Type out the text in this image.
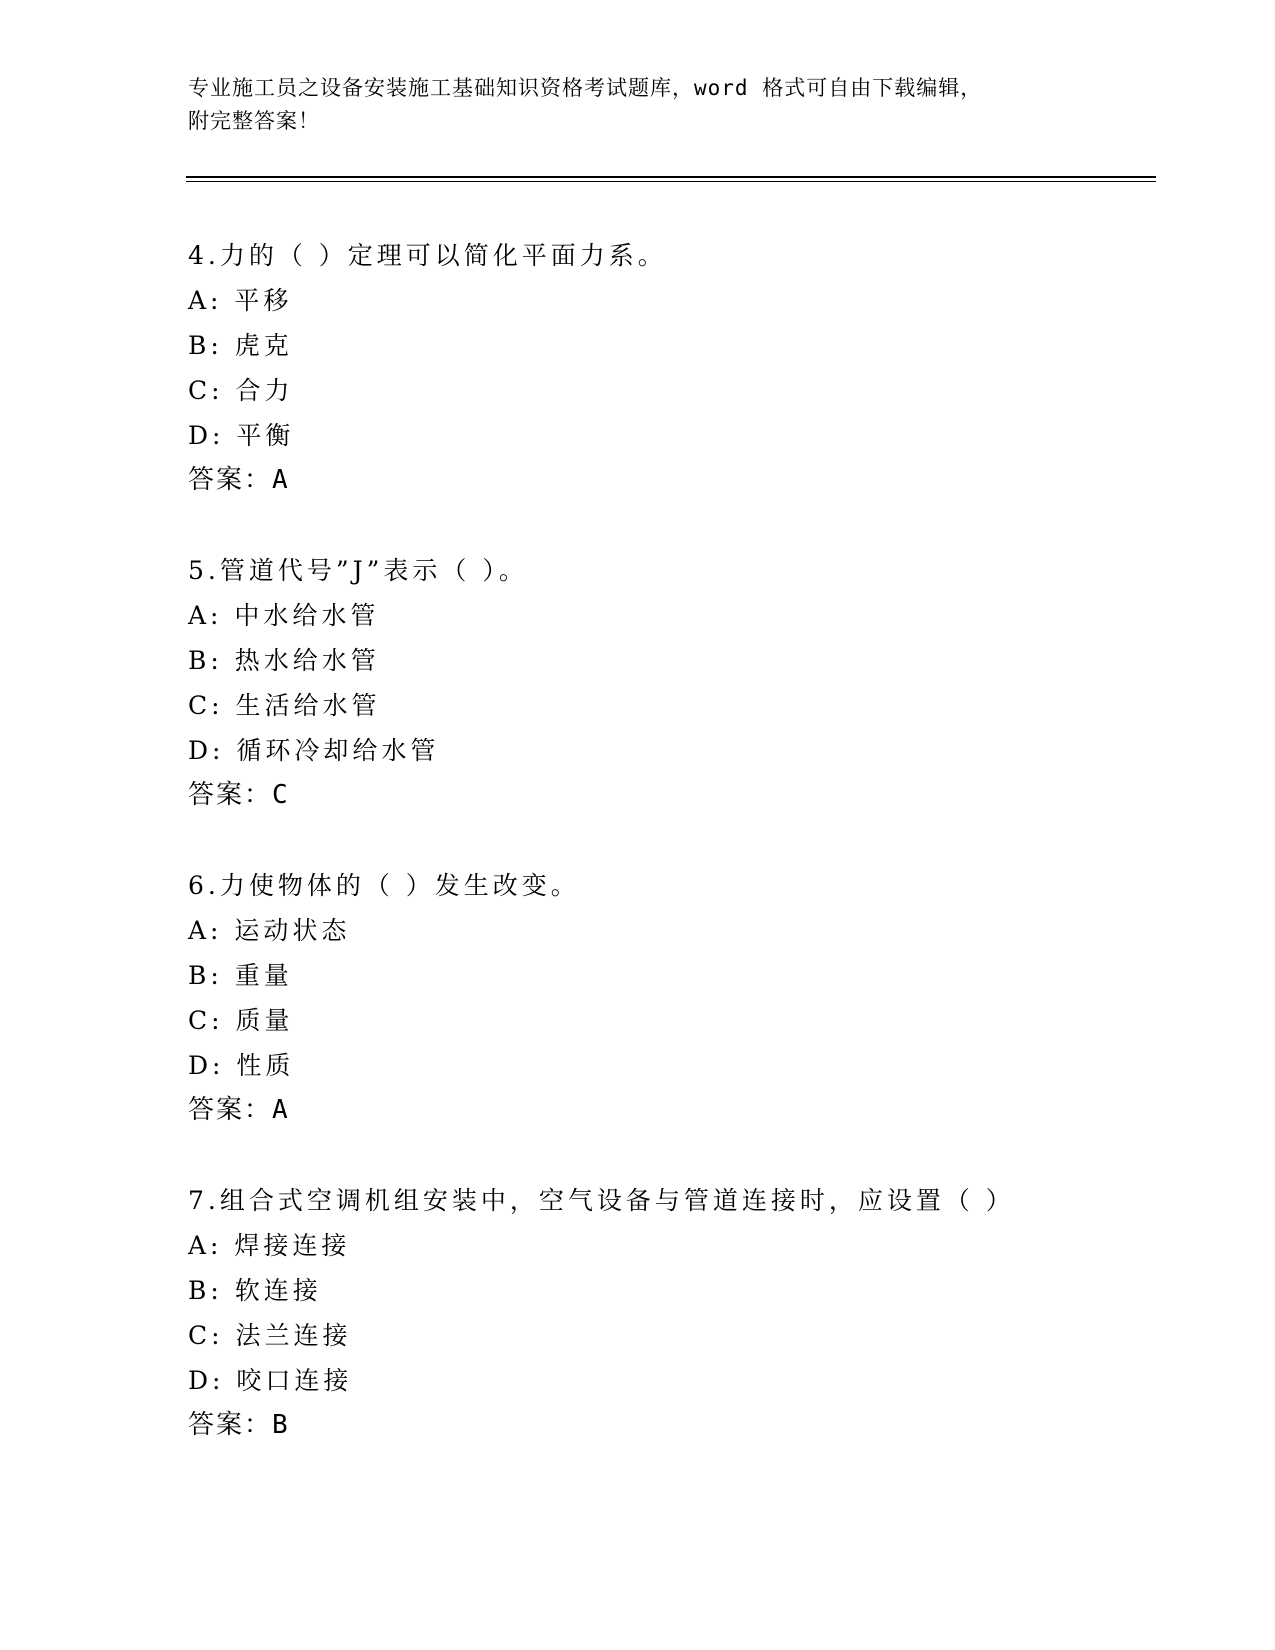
专业施工员之设备安装施工基础知识资格考试题库，word 格式可自由下载编辑，

附完整答案！

4.力的（ ）定理可以简化平面力系。

A: 平移

B: 虎克

C: 合力

D: 平衡

答案：A

5.管道代号”J”表示（ ）。

A: 中水给水管

B: 热水给水管

C: 生活给水管

D: 循环冷却给水管

答案：C

6.力使物体的（ ）发生改变。

A: 运动状态

B: 重量

C: 质量

D: 性质

答案：A

7.组合式空调机组安装中，空气设备与管道连接时，应设置（ ）

A: 焊接连接

B: 软连接

C: 法兰连接

D: 咬口连接

答案：B
